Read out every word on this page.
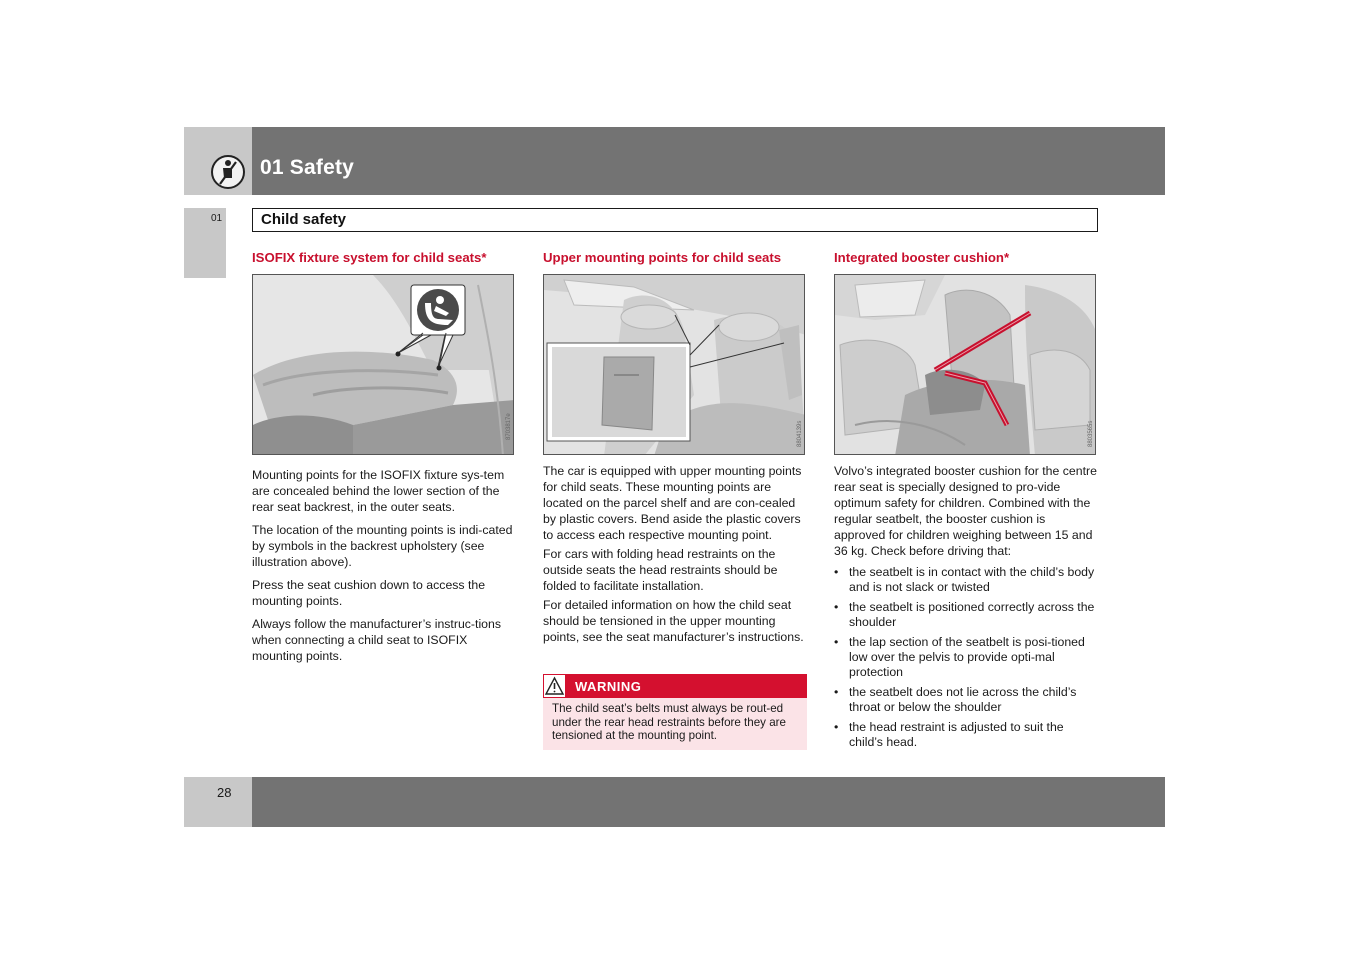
01 Safety
01	Child safety
ISOFIX fixture system for child seats*	Upper mounting points for child seats	Integrated booster cushion*
8703817e	8804139s	8803565s

Mounting points for the ISOFIX fixture sys-tem are concealed behind the lower section of the rear seat backrest, in the outer seats.

The location of the mounting points is indi-cated by symbols in the backrest upholstery (see illustration above).

Press the seat cushion down to access the mounting points.

Always follow the manufacturer’s instruc-tions when connecting a child seat to ISOFIX mounting points.

The car is equipped with upper mounting points for child seats. These mounting points are located on the parcel shelf and are con-cealed by plastic covers. Bend aside the plastic covers to access each respective mounting point.

For cars with folding head restraints on the outside seats the head restraints should be folded to facilitate installation.

For detailed information on how the child seat should be tensioned in the upper mounting points, see the seat manufacturer’s instructions.

WARNING
The child seat’s belts must always be rout-ed under the rear head restraints before they are tensioned at the mounting point.

Volvo’s integrated booster cushion for the centre rear seat is specially designed to pro-vide optimum safety for children. Combined with the regular seatbelt, the booster cushion is approved for children weighing between 15 and 36 kg. Check before driving that:

• the seatbelt is in contact with the child’s body and is not slack or twisted
• the seatbelt is positioned correctly across the shoulder
• the lap section of the seatbelt is posi-tioned low over the pelvis to provide opti-mal protection
• the seatbelt does not lie across the child’s throat or below the shoulder
• the head restraint is adjusted to suit the child’s head.
28
